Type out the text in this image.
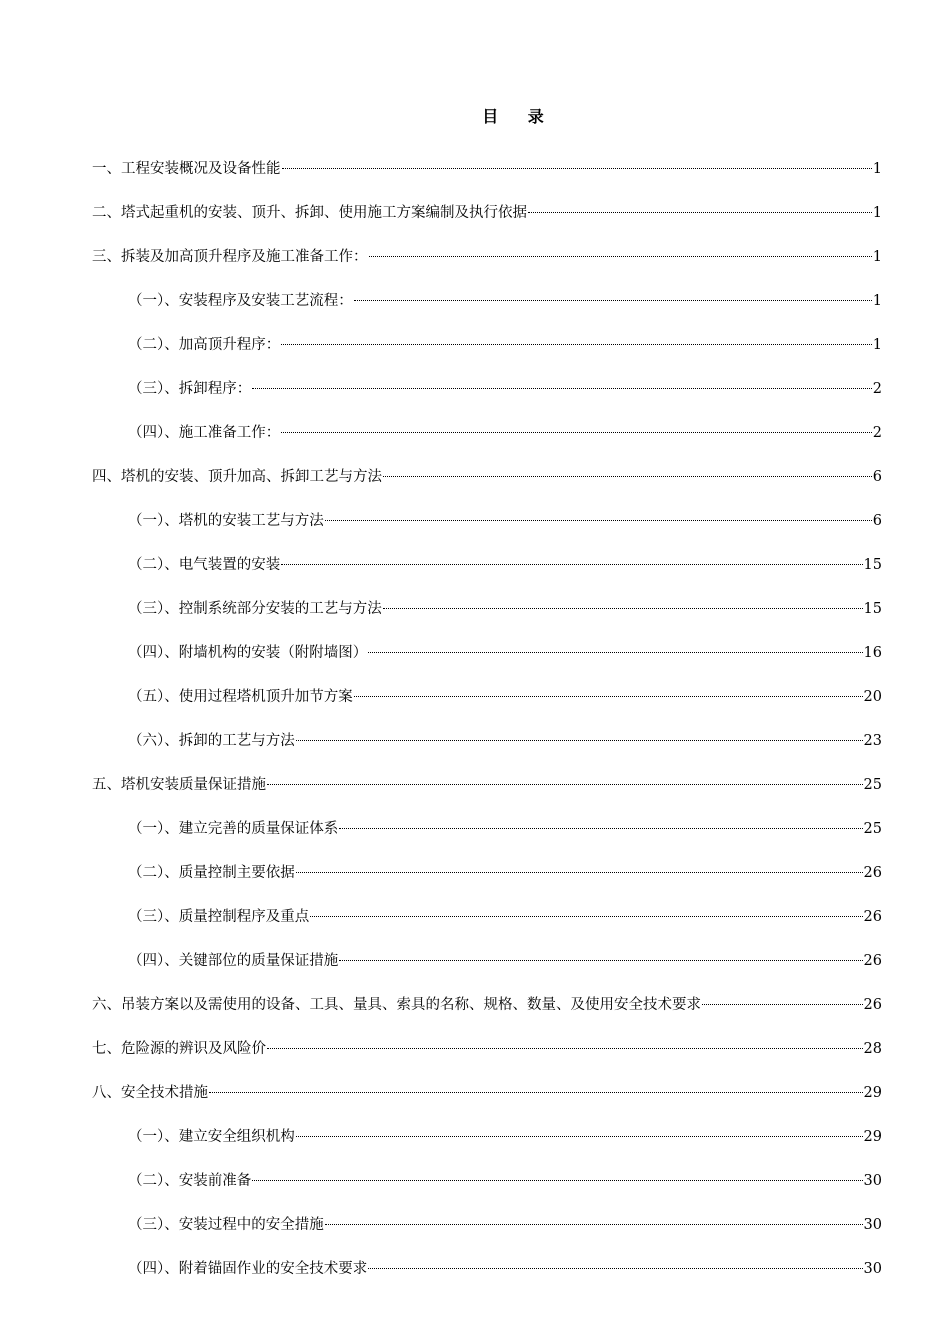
目 录
一、工程安装概况及设备性能	1
二、塔式起重机的安装、顶升、拆卸、使用施工方案编制及执行依据	1
三、拆装及加高顶升程序及施工准备工作：	1
（一）、安装程序及安装工艺流程：	1
（二）、加高顶升程序：	1
（三）、拆卸程序：	2
（四）、施工准备工作：	2
四、塔机的安装、顶升加高、拆卸工艺与方法	6
（一）、塔机的安装工艺与方法	6
（二）、电气装置的安装	15
（三）、控制系统部分安装的工艺与方法	15
（四）、附墙机构的安装（附附墙图）	16
（五）、使用过程塔机顶升加节方案	20
（六）、拆卸的工艺与方法	23
五、塔机安装质量保证措施	25
（一）、建立完善的质量保证体系	25
（二）、质量控制主要依据	26
（三）、质量控制程序及重点	26
（四）、关键部位的质量保证措施	26
六、吊装方案以及需使用的设备、工具、量具、索具的名称、规格、数量、及使用安全技术要求	26
七、危险源的辨识及风险价	28
八、安全技术措施	29
（一）、建立安全组织机构	29
（二）、安装前准备	30
（三）、安装过程中的安全措施	30
（四）、附着锚固作业的安全技术要求	30
